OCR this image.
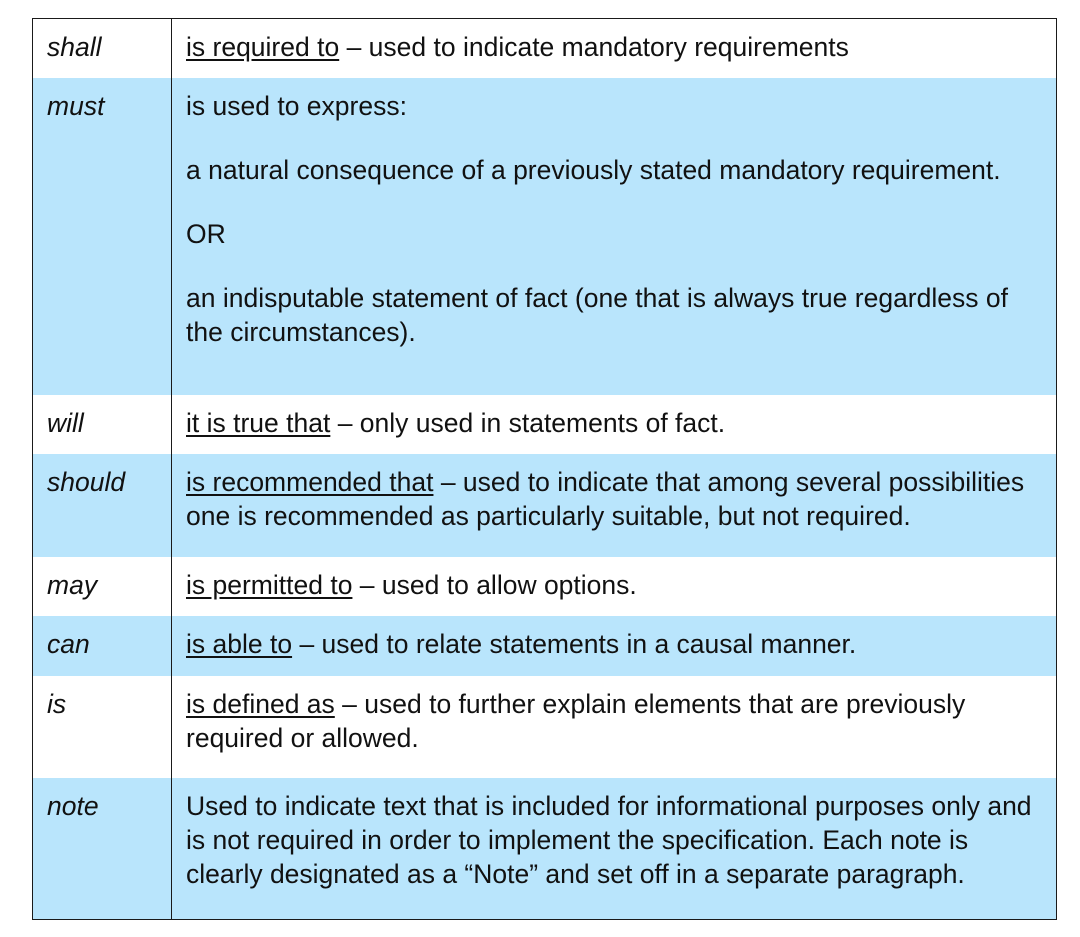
shall	is required to – used to indicate mandatory requirements
must	is used to express:
a natural consequence of a previously stated mandatory requirement.
OR
an indisputable statement of fact (one that is always true regardless of the circumstances).

will	it is true that – only used in statements of fact.
should	is recommended that – used to indicate that among several possibilities one is recommended as particularly suitable, but not required.
may	is permitted to – used to allow options.
can	is able to – used to relate statements in a causal manner.
is	is defined as – used to further explain elements that are previously required or allowed.
note	Used to indicate text that is included for informational purposes only and is not required in order to implement the specification. Each note is clearly designated as a “Note” and set off in a separate paragraph.
